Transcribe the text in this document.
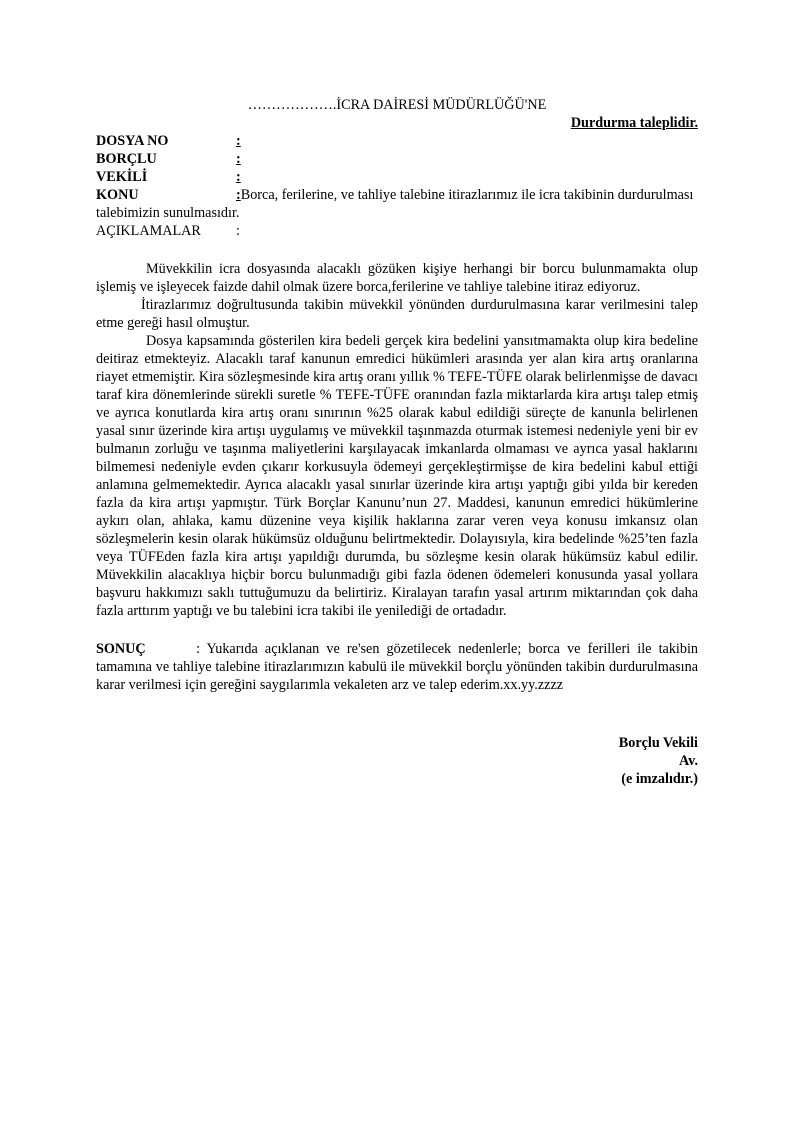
……………….İCRA DAİRESİ MÜDÜRLÜĞÜ'NE

Durdurma taleplidir.
DOSYA NO	:
BORÇLU	:
VEKİLİ	:

KONU	:Borca, ferilerine, ve tahliye talebine itirazlarımız ile icra takibinin durdurulması talebimizin sunulmasıdır.

AÇIKLAMALAR :

Müvekkilin icra dosyasında alacaklı gözüken kişiye herhangi bir borcu bulunmamakta olup işlemiş ve işleyecek faizde dahil olmak üzere borca,ferilerine ve tahliye talebine itiraz ediyoruz.

İtirazlarımız doğrultusunda takibin müvekkil yönünden durdurulmasına karar verilmesini talep etme gereği hasıl olmuştur.

Dosya kapsamında gösterilen kira bedeli gerçek kira bedelini yansıtmamakta olup kira bedeline deitiraz etmekteyiz. Alacaklı taraf kanunun emredici hükümleri arasında yer alan kira artış oranlarına riayet etmemiştir. Kira sözleşmesinde kira artış oranı yıllık % TEFE-TÜFE olarak belirlenmişse de davacı taraf kira dönemlerinde sürekli suretle % TEFE-TÜFE oranından fazla miktarlarda kira artışı talep etmiş ve ayrıca konutlarda kira artış oranı sınırının %25 olarak kabul edildiği süreçte de kanunla belirlenen yasal sınır üzerinde kira artışı uygulamış ve müvekkil taşınmazda oturmak istemesi nedeniyle yeni bir ev bulmanın zorluğu ve taşınma maliyetlerini karşılayacak imkanlarda olmaması ve ayrıca yasal haklarını bilmemesi nedeniyle evden çıkarır korkusuyla ödemeyi gerçekleştirmişse de kira bedelini kabul ettiği anlamına gelmemektedir. Ayrıca alacaklı yasal sınırlar üzerinde kira artışı yaptığı gibi yılda bir kereden fazla da kira artışı yapmıştır. Türk Borçlar Kanunu’nun 27. Maddesi, kanunun emredici hükümlerine aykırı olan, ahlaka, kamu düzenine veya kişilik haklarına zarar veren veya konusu imkansız olan sözleşmelerin kesin olarak hükümsüz olduğunu belirtmektedir. Dolayısıyla, kira bedelinde %25’ten fazla veya TÜFEden fazla kira artışı yapıldığı durumda, bu sözleşme kesin olarak hükümsüz kabul edilir. Müvekkilin alacaklıya hiçbir borcu bulunmadığı gibi fazla ödenen ödemeleri konusunda yasal yollara başvuru hakkımızı saklı tuttuğumuzu da belirtiriz. Kiralayan tarafın yasal artırım miktarından çok daha fazla arttırım yaptığı ve bu talebini icra takibi ile yenilediği de ortadadır.

SONUÇ	: Yukarıda açıklanan ve re'sen gözetilecek nedenlerle; borca ve ferilleri ile takibin tamamına ve tahliye talebine itirazlarımızın kabulü ile müvekkil borçlu yönünden takibin durdurulmasına karar verilmesi için gereğini saygılarımla vekaleten arz ve talep ederim.xx.yy.zzzz

Borçlu Vekili
Av.
(e imzalıdır.)
